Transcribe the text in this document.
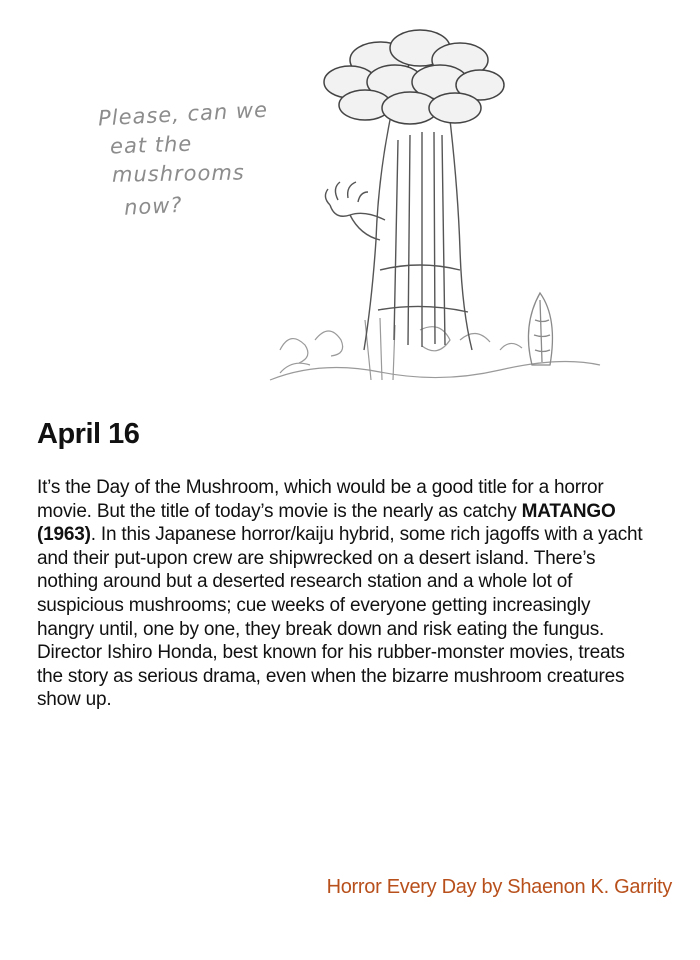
Please, can we
eat the
mushrooms
now?
April 16

It’s the Day of the Mushroom, which would be a good title for a horror movie. But the title of today’s movie is the nearly as catchy MATANGO (1963). In this Japanese horror/kaiju hybrid, some rich jagoffs with a yacht and their put-upon crew are shipwrecked on a desert island. There’s nothing around but a deserted research station and a whole lot of suspicious mushrooms; cue weeks of everyone getting increasingly hangry until, one by one, they break down and risk eating the fungus. Director Ishiro Honda, best known for his rubber-monster movies, treats the story as serious drama, even when the bizarre mushroom creatures show up.

Horror Every Day by Shaenon K. Garrity
